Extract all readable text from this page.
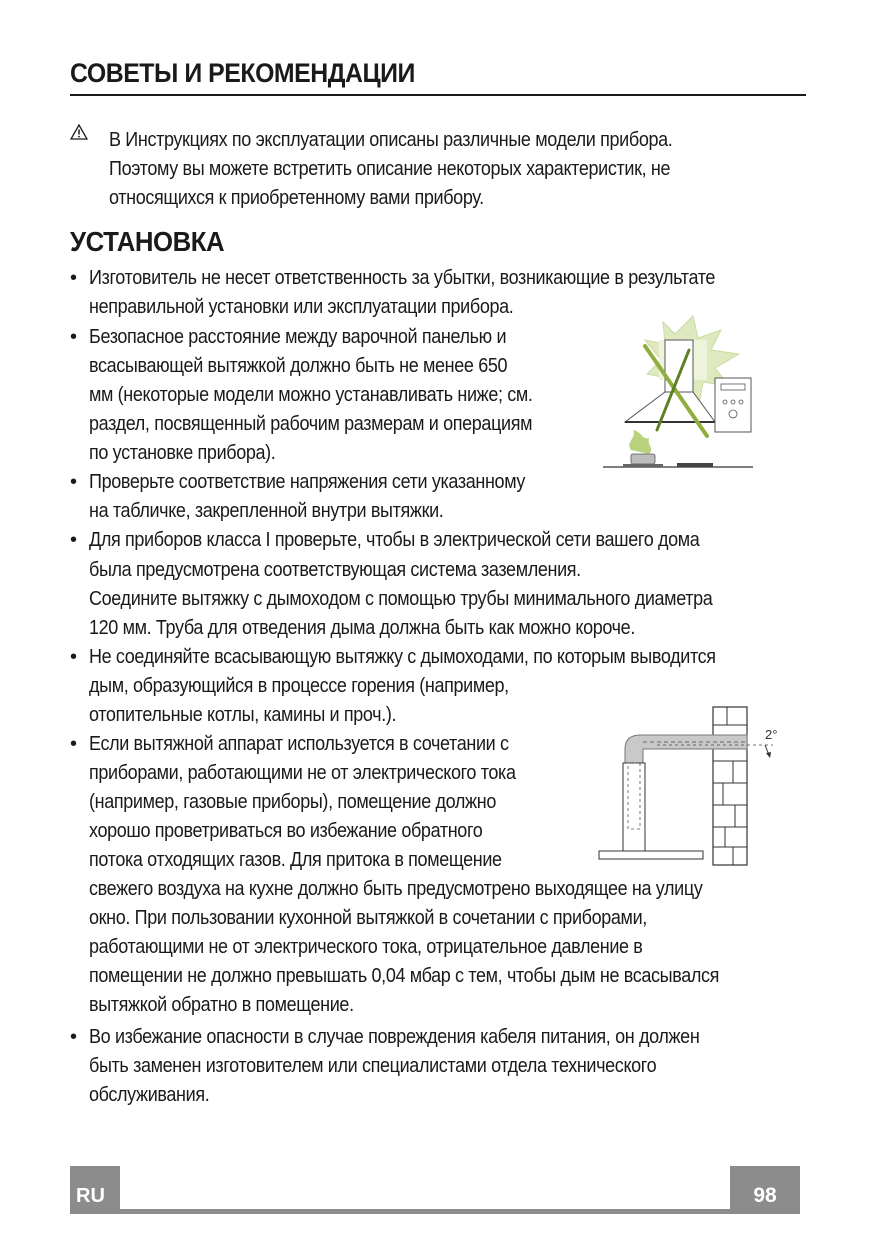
СОВЕТЫ И РЕКОМЕНДАЦИИ
В Инструкциях по эксплуатации описаны различные модели прибора.
Поэтому вы можете встретить описание некоторых характеристик, не
относящихся к приобретенному вами прибору.
УСТАНОВКА
• Изготовитель не несет ответственность за убытки, возникающие в результате
неправильной установки или эксплуатации прибора.
• Безопасное расстояние между варочной панелью и
всасывающей вытяжкой должно быть не менее 650
мм (некоторые модели можно устанавливать ниже; см.
раздел, посвященный рабочим размерам и операциям
по установке прибора).
• Проверьте соответствие напряжения сети указанному
на табличке, закрепленной внутри вытяжки.
• Для приборов класса I проверьте, чтобы в электрической сети вашего дома
была предусмотрена соответствующая система заземления.
Соедините вытяжку с дымоходом с помощью трубы минимального диаметра
120 мм. Труба для отведения дыма должна быть как можно короче.
• Не соединяйте всасывающую вытяжку с дымоходами, по которым выводится
дым, образующийся в процессе горения (например,
отопительные котлы, камины и проч.).
• Если вытяжной аппарат используется в сочетании с
приборами, работающими не от электрического тока
(например, газовые приборы), помещение должно
хорошо проветриваться во избежание обратного
потока отходящих газов. Для притока в помещение
свежего воздуха на кухне должно быть предусмотрено выходящее на улицу
окно. При пользовании кухонной вытяжкой в сочетании с приборами,
работающими не от электрического тока, отрицательное давление в
помещении не должно превышать 0,04 мбар с тем, чтобы дым не всасывался
вытяжкой обратно в помещение.
• Во избежание опасности в случае повреждения кабеля питания, он должен
быть заменен изготовителем или специалистами отдела технического
обслуживания.
2°
RU	98
